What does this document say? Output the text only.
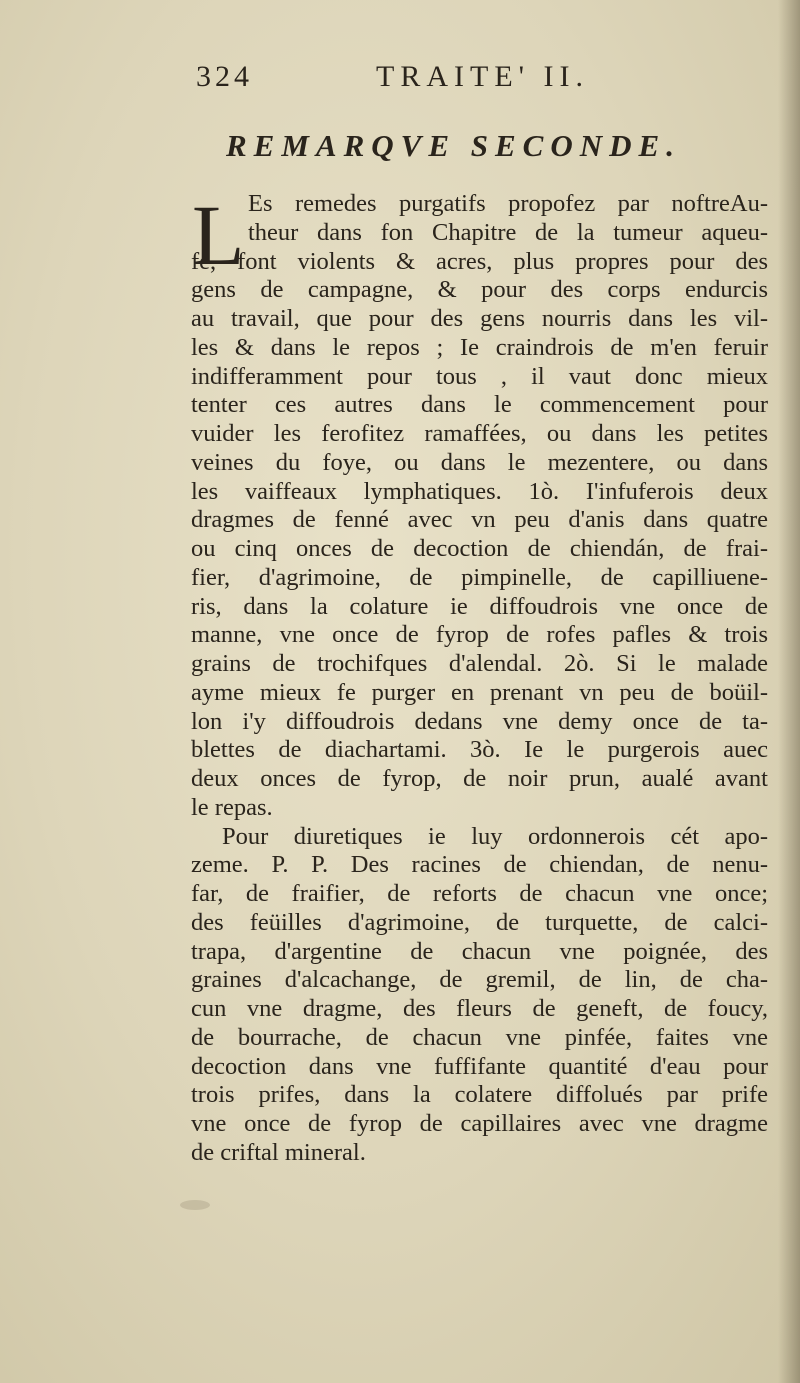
324	TRAITE' II.
REMARQVE SECONDE.
L Es remedes purgatifs propofez par noftreAu-
theur dans fon Chapitre de la tumeur aqueu-
fe, font violents & acres, plus propres pour des
gens de campagne, & pour des corps endurcis
au travail, que pour des gens nourris dans les vil-
les & dans le repos ; Ie craindrois de m'en feruir
indifferamment pour tous , il vaut donc mieux
tenter ces autres dans le commencement pour
vuider les ferofitez ramaffées, ou dans les petites
veines du foye, ou dans le mezentere, ou dans
les vaiffeaux lymphatiques. 1ò. I'infuferois deux
dragmes de fenné avec vn peu d'anis dans quatre
ou cinq onces de decoction de chiendán, de frai-
fier, d'agrimoine, de pimpinelle, de capilliuene-
ris, dans la colature ie diffoudrois vne once de
manne, vne once de fyrop de rofes pafles & trois
grains de trochifques d'alendal. 2ò. Si le malade
ayme mieux fe purger en prenant vn peu de boüil-
lon i'y diffoudrois dedans vne demy once de ta-
blettes de diachartami. 3ò. Ie le purgerois auec
deux onces de fyrop, de noir prun, aualé avant
le repas.
Pour diuretiques ie luy ordonnerois cét apo-
zeme. P. P. Des racines de chiendan, de nenu-
far, de fraifier, de reforts de chacun vne once;
des feüilles d'agrimoine, de turquette, de calci-
trapa, d'argentine de chacun vne poignée, des
graines d'alcachange, de gremil, de lin, de cha-
cun vne dragme, des fleurs de geneft, de foucy,
de bourrache, de chacun vne pinfée, faites vne
decoction dans vne fuffifante quantité d'eau pour
trois prifes, dans la colatere diffolués par prife
vne once de fyrop de capillaires avec vne dragme
de criftal mineral.
